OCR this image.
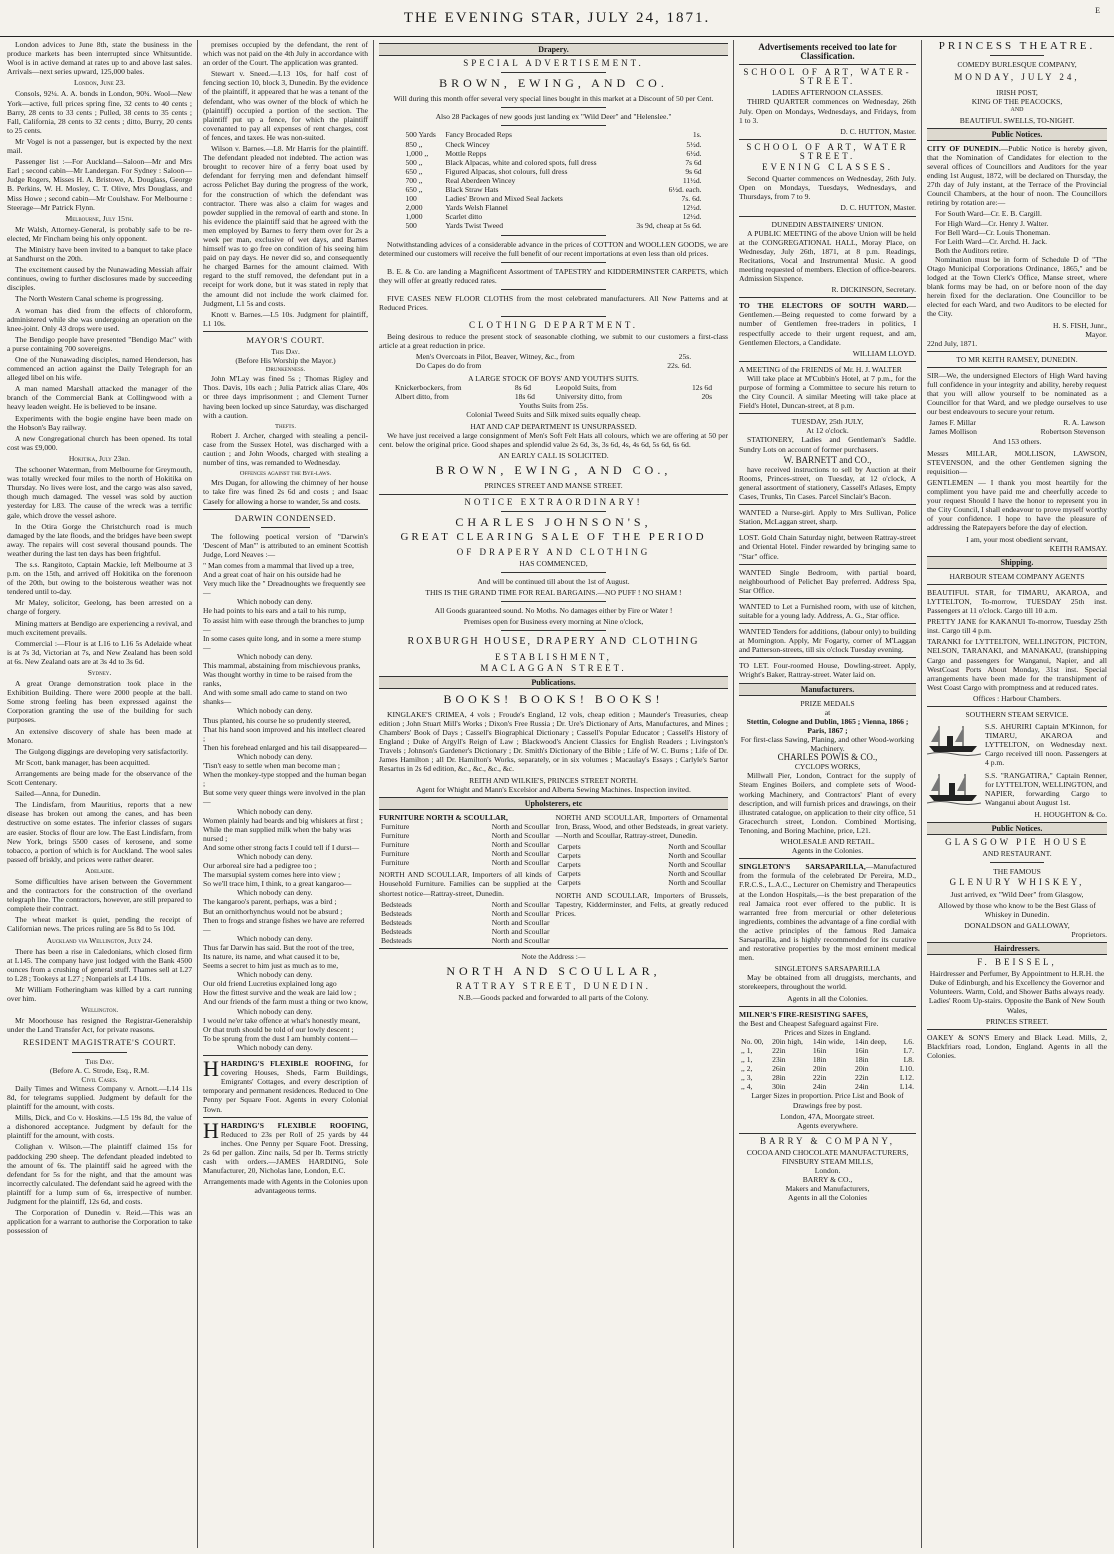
THE EVENING STAR, JULY 24, 1871.	E

London advices to June 8th, state the business in the produce markets has been interrupted since Whitsuntide. Wool is in active demand at rates up to and above last sales. Arrivals—next series upward, 125,000 bales.

London, June 23.

Consols, 92¼. A. A. bonds in London, 90¾. Wool—New York—active, full prices spring fine, 32 cents to 40 cents ; Barry, 28 cents to 33 cents ; Pulled, 38 cents to 35 cents ; Fall, California, 28 cents to 32 cents ; ditto, Burry, 20 cents to 25 cents.

Mr Vogel is not a passenger, but is expected by the next mail.

Passenger list :—For Auckland—Saloon—Mr and Mrs Earl ; second cabin—Mr Landergan. For Sydney : Saloon—Judge Rogers, Misses H. A. Bristowe, A. Douglass, George B. Perkins, W. H. Mosley, C. T. Olive, Mrs Douglass, and Miss Howe ; second cabin—Mr Coulshaw. For Melbourne : Steerage—Mr Patrick Flynn.

Melbourne, July 15th.

Mr Walsh, Attorney-General, is probably safe to be re-elected, Mr Fincham being his only opponent.

The Ministry have been invited to a banquet to take place at Sandhurst on the 20th.

The excitement caused by the Nunawading Messiah affair continues, owing to further disclosures made by succeeding disciples.

The North Western Canal scheme is progressing.

A woman has died from the effects of chloroform, administered while she was undergoing an operation on the knee-joint. Only 43 drops were used.

The Bendigo people have presented "Bendigo Mac" with a purse containing 700 sovereigns.

One of the Nunawading disciples, named Henderson, has commenced an action against the Daily Telegraph for an alleged libel on his wife.

A man named Marshall attacked the manager of the branch of the Commercial Bank at Collingwood with a heavy leaden weight. He is believed to be insane.

Experiments with the bogie engine have been made on the Hobson's Bay railway.

A new Congregational church has been opened. Its total cost was £9,000.

Hokitika, July 23rd.

The schooner Waterman, from Melbourne for Greymouth, was totally wrecked four miles to the north of Hokitika on Thursday. No lives were lost, and the cargo was also saved, though much damaged. The vessel was sold by auction yesterday for L83. The cause of the wreck was a terrific gale, which drove the vessel ashore.

In the Otira Gorge the Christchurch road is much damaged by the late floods, and the bridges have been swept away. The repairs will cost several thousand pounds. The weather during the last ten days has been frightful.

The s.s. Rangitoto, Captain Mackie, left Melbourne at 3 p.m. on the 15th, and arrived off Hokitika on the forenoon of the 20th, but owing to the boisterous weather was not tendered until to-day.

Mr Maley, solicitor, Geelong, has been arrested on a charge of forgery.

Mining matters at Bendigo are experiencing a revival, and much excitement prevails.

Commercial :—Flour is at L16 to L16 5s Adelaide wheat is at 7s 3d, Victorian at 7s, and New Zealand has been sold at 6s. New Zealand oats are at 3s 4d to 3s 6d.

Sydney.

A great Orange demonstration took place in the Exhibition Building. There were 2000 people at the ball. Some strong feeling has been expressed against the Corporation granting the use of the building for such purposes.

An extensive discovery of shale has been made at Monaro.

The Gulgong diggings are developing very satisfactorily.

Mr Scott, bank manager, has been acquitted.

Arrangements are being made for the observance of the Scott Centenary.

Sailed—Anna, for Dunedin.

The Lindisfarn, from Mauritius, reports that a new disease has broken out among the canes, and has been destructive on some estates. The inferior classes of sugars are easier. Stocks of flour are low. The East Lindisfarn, from New York, brings 5500 cases of kerosene, and some tobacco, a portion of which is for Auckland. The wool sales passed off briskly, and prices were rather dearer.

Adelaide.

Some difficulties have arisen between the Government and the contractors for the construction of the overland telegraph line. The contractors, however, are still prepared to complete their contract.

The wheat market is quiet, pending the receipt of Californian news. The prices ruling are 5s 8d to 5s 10d.

Auckland via Wellington, July 24.

There has been a rise in Caledonians, which closed firm at L145. The company have just lodged with the Bank 4500 ounces from a crushing of general stuff. Thames sell at L27 to L28 ; Tookeys at L27 ; Nonpariels at L4 10s.

Mr William Fotheringham was killed by a cart running over him.

Wellington.

Mr Moorhouse has resigned the Registrar-Generalship under the Land Transfer Act, for private reasons.

RESIDENT MAGISTRATE'S COURT.
This Day.
(Before A. C. Strode, Esq., R.M.
Civil Cases.

Daily Times and Witness Company v. Arnott.—L14 11s 8d, for telegrams supplied. Judgment by default for the plaintiff for the amount, with costs.

Mills, Dick, and Co v. Hoskins.—L5 19s 8d, the value of a dishonored acceptance. Judgment by default for the plaintiff for the amount, with costs.

Colighan v. Wilson.—The plaintiff claimed 15s for paddocking 290 sheep. The defendant pleaded indebted to the amount of 6s. The plaintiff said he agreed with the defendant for 5s for the night, and that the amount was incorrectly calculated. The defendant said he agreed with the plaintiff for a lump sum of 6s, irrespective of number. Judgment for the plaintiff, 12s 6d, and costs.

The Corporation of Dunedin v. Reid.—This was an application for a warrant to authorise the Corporation to take possession of

premises occupied by the defendant, the rent of which was not paid on the 4th July in accordance with an order of the Court. The application was granted.

Stewart v. Sneed.—L13 10s, for half cost of fencing section 10, block 3, Dunedin. By the evidence of the plaintiff, it appeared that he was a tenant of the defendant, who was owner of the block of which he (plaintiff) occupied a portion of the section. The plaintiff put up a fence, for which the plaintiff covenanted to pay all expenses of rent charges, cost of fences, and taxes. He was non-suited.

Wilson v. Barnes.—L8. Mr Harris for the plaintiff. The defendant pleaded not indebted. The action was brought to recover hire of a ferry boat used by defendant for ferrying men and defendant himself across Pelichet Bay during the progress of the work, for the construction of which the defendant was contractor. There was also a claim for wages and powder supplied in the removal of earth and stone. In his evidence the plaintiff said that he agreed with the men employed by Barnes to ferry them over for 2s a week per man, exclusive of wet days, and Barnes himself was to go free on condition of his seeing him paid on pay days. He never did so, and consequently he charged Barnes for the amount claimed. With regard to the stuff removed, the defendant put in a receipt for work done, but it was stated in reply that the amount did not include the work claimed for. Judgment, L1 5s and costs.

Knott v. Barnes.—L5 10s. Judgment for plaintiff, L1 10s.

MAYOR'S COURT.
This Day.
(Before His Worship the Mayor.)
Drunkenness.

John M'Lay was fined 5s ; Thomas Rigley and Thos. Davis, 10s each ; Julia Patrick alias Clare, 40s or three days imprisonment ; and Clement Turner having been locked up since Saturday, was discharged with a caution.

Thefts.

Robert J. Archer, charged with stealing a pencil-case from the Sussex Hotel, was discharged with a caution ; and John Woods, charged with stealing a number of tins, was remanded to Wednesday.

Offences against the Bye-laws.

Mrs Dugan, for allowing the chimney of her house to take fire was fined 2s 6d and costs ; and Isaac Casely for allowing a horse to wander, 5s and costs.

DARWIN CONDENSED.

The following poetical version of "Darwin's 'Descent of Man'" is attributed to an eminent Scottish Judge, Lord Neaves :—

" Man comes from a mammal that lived up a tree,
And a great coat of hair on his outside had he
Very much like the " Dreadnoughts we frequently see—
Which nobody can deny.
He had points to his ears and a tail to his rump,
To assist him with ease through the branches to jump—
In some cases quite long, and in some a mere stump—
Which nobody can deny.
This mammal, abstaining from mischievous pranks,
Was thought worthy in time to be raised from the ranks,
And with some small ado came to stand on two shanks—
Which nobody can deny.
Thus planted, his course he so prudently steered,
That his hand soon improved and his intellect cleared ;
Then his forehead enlarged and his tail disappeared—
Which nobody can deny.
'Tisn't easy to settle when man become man ;
When the monkey-type stopped and the human began ;
But some very queer things were involved in the plan—
Which nobody can deny.
Women plainly had beards and big whiskers at first ;
While the man supplied milk when the baby was nursed ;
And some other strong facts I could tell if I durst—
Which nobody can deny.
Our arboreal sire had a pedigree too ;
The marsupial system comes here into view ;
So we'll trace him, I think, to a great kangaroo—
Which nobody can deny.
The kangaroo's parent, perhaps, was a bird ;
But an ornithorhynchus would not be absurd ;
Then to frogs and strange fishes we have are referred—
Which nobody can deny.
Thus far Darwin has said. But the root of the tree,
Its nature, its name, and what caused it to be,
Seems a secret to him just as much as to me,
Which nobody can deny.
Our old friend Lucretius explained long ago
How the fittest survive and the weak are laid low ;
And our friends of the farm must a thing or two know,
Which nobody can deny.
I would ne'er take offence at what's honestly meant,
Or that truth should be told of our lowly descent ;
To be sprung from the dust I am humbly content—
Which nobody can deny.

HHARDING'S FLEXIBLE ROOFING, for covering Houses, Sheds, Farm Buildings, Emigrants' Cottages, and every description of temporary and permanent residences. Reduced to One Penny per Square Foot. Agents in every Colonial Town.

HHARDING'S FLEXIBLE ROOFING, Reduced to 23s per Roll of 25 yards by 44 inches. One Penny per Square Foot. Dressing, 2s 6d per gallon. Zinc nails, 5d per lb. Terms strictly cash with orders.—JAMES HARDING, Sole Manufacturer, 20, Nicholas lane, London, E.C.

Arrangements made with Agents in the Colonies upon advantageous terms.

Drapery.
SPECIAL ADVERTISEMENT.
BROWN, EWING, AND CO.

Will during this month offer several very special lines bought in this market at a Discount of 50 per Cent.

Also 28 Packages of new goods just landing ex "Wild Deer" and "Helenslee."

500 Yards	Fancy Brocaded Reps	1s.
850 ,,	Check Wincey	5½d.
1,000 ,,	Mottle Repps	6½d.
500 ,,	Black Alpacas, white and colored spots, full dress	7s 6d
650 ,,	Figured Alpacas, shot colours, full dress	9s 6d
700 ,,	Real Aberdeen Wincey	11½d.
650 ,,	Black Straw Hats	6½d. each.
100	Ladies' Brown and Mixed Seal Jackets	7s. 6d.
2,000	Yards Welsh Flannel	12½d.
1,000	Scarlet ditto	12½d.
500	Yards Twist Tweed	3s 9d, cheap at 5s 6d.

Notwithstanding advices of a considerable advance in the prices of COTTON and WOOLLEN GOODS, we are determined our customers will receive the full benefit of our recent importations at even less than old prices.

B. E. & Co. are landing a Magnificent Assortment of TAPESTRY and KIDDERMINSTER CARPETS, which they will offer at greatly reduced rates.

FIVE CASES NEW FLOOR CLOTHS from the most celebrated manufacturers. All New Patterns and at Reduced Prices.

CLOTHING DEPARTMENT.

Being desirous to reduce the present stock of seasonable clothing, we submit to our customers a first-class article at a great reduction in price.

Men's Overcoats in Pilot, Beaver, Witney, &c., from	25s.
Do Capes do do from	22s. 6d.
A LARGE STOCK OF BOYS' AND YOUTH'S SUITS.
Knickerbockers, from	8s 6d	Leopold Suits, from	12s 6d
Albert ditto, from	18s 6d	University ditto, from	20s
Youths Suits from 25s.
Colonial Tweed Suits and Silk mixed suits equally cheap.
HAT AND CAP DEPARTMENT IS UNSURPASSED.

We have just received a large consignment of Men's Soft Felt Hats all colours, which we are offering at 50 per cent. below the original price. Good shapes and splendid value 2s 6d, 3s, 3s 6d, 4s, 4s 6d, 5s 6d, 6s 6d.

AN EARLY CALL IS SOLICITED.
BROWN, EWING, AND CO.,
PRINCES STREET AND MANSE STREET.
NOTICE EXTRAORDINARY!
CHARLES JOHNSON'S,
GREAT CLEARING SALE OF THE PERIOD
OF DRAPERY AND CLOTHING
HAS COMMENCED,

And will be continued till about the 1st of August.

THIS IS THE GRAND TIME FOR REAL BARGAINS.—NO PUFF ! NO SHAM !

All Goods guaranteed sound. No Moths. No damages either by Fire or Water !

Premises open for Business every morning at Nine o'clock,

ROXBURGH HOUSE, DRAPERY AND CLOTHING
ESTABLISHMENT,
MACLAGGAN STREET.
Publications.
BOOKS! BOOKS! BOOKS!

KINGLAKE'S CRIMEA, 4 vols ; Froude's England, 12 vols, cheap edition ; Maunder's Treasuries, cheap edition ; John Stuart Mill's Works ; Dixon's Free Russia ; Dr. Ure's Dictionary of Arts, Manufactures, and Mines ; Chambers' Book of Days ; Cassell's Biographical Dictionary ; Cassell's Popular Educator ; Cassell's History of England ; Duke of Argyll's Reign of Law ; Blackwood's Ancient Classics for English Readers ; Livingston's Travels ; Johnson's Gardener's Dictionary ; Dr. Smith's Dictionary of the Bible ; Life of W. C. Burns ; Life of Dr. James Hamilton ; all Dr. Hamilton's Works, separately, or in six volumes ; Macaulay's Essays ; Carlyle's Sartor Resartus in 2s 6d edition, &c., &c., &c., &c.

REITH AND WILKIE'S, PRINCES STREET NORTH.
Agent for Whight and Mann's Excelsior and Alberta Sewing Machines. Inspection invited.
Upholsterers, etc
FURNITURE NORTH & SCOULLAR,
Furniture	North and Scoullar
Furniture	North and Scoullar
Furniture	North and Scoullar
Furniture	North and Scoullar
Furniture	North and Scoullar

NORTH AND SCOULLAR, Importers of all kinds of Household Furniture. Families can be supplied at the shortest notice—Rattray-street, Dunedin.

Bedsteads	North and Scoullar
Bedsteads	North and Scoullar
Bedsteads	North and Scoullar
Bedsteads	North and Scoullar
Bedsteads	North and Scoullar

NORTH AND SCOULLAR, Importers of Ornamental Iron, Brass, Wood, and other Bedsteads, in great variety.—North and Scoullar, Rattray-street, Dunedin.

Carpets	North and Scoullar
Carpets	North and Scoullar
Carpets	North and Scoullar
Carpets	North and Scoullar
Carpets	North and Scoullar

NORTH AND SCOULLAR, Importers of Brussels, Tapestry, Kidderminster, and Felts, at greatly reduced Prices.

Note the Address :—
NORTH AND SCOULLAR,
RATTRAY STREET, DUNEDIN.
N.B.—Goods packed and forwarded to all parts of the Colony.
Advertisements received too late for Classification.
SCHOOL OF ART, WATER-STREET.
LADIES AFTERNOON CLASSES.

THIRD QUARTER commences on Wednesday, 26th July. Open on Mondays, Wednesdays, and Fridays, from 1 to 3.

D. C. HUTTON, Master.
SCHOOL OF ART, WATER STREET.
EVENING CLASSES.

Second Quarter commences on Wednesday, 26th July. Open on Mondays, Tuesdays, Wednesdays, and Thursdays, from 7 to 9.

D. C. HUTTON, Master.
DUNEDIN ABSTAINERS' UNION.

A PUBLIC MEETING of the above Union will be held at the CONGREGATIONAL HALL, Moray Place, on Wednesday, July 26th, 1871, at 8 p.m. Readings, Recitations, Vocal and Instrumental Music. A good meeting requested of members. Election of office-bearers. Admission Sixpence.

R. DICKINSON, Secretary.

TO THE ELECTORS OF SOUTH WARD.—Gentlemen.—Being requested to come forward by a number of Gentlemen free-traders in politics, I respectfully accede to their urgent request, and am, Gentlemen Electors, a Candidate.

WILLIAM LLOYD.
A MEETING of the FRIENDS of Mr. H. J. WALTER

Will take place at M'Cubbin's Hotel, at 7 p.m., for the purpose of forming a Committee to secure his return to the City Council. A similar Meeting will take place at Field's Hotel, Duncan-street, at 8 p.m.

TUESDAY, 25th JULY,
At 12 o'clock.

STATIONERY, Ladies and Gentleman's Saddle. Sundry Lots on account of former purchasers.

W. BARNETT and CO.,

have received instructions to sell by Auction at their Rooms, Princes-street, on Tuesday, at 12 o'clock, A general assortment of stationery, Cassell's Atlases, Empty Cases, Trunks, Tin Cases. Parcel Sinclair's Bacon.

WANTED a Nurse-girl. Apply to Mrs Sullivan, Police Station, McLaggan street, sharp.

LOST. Gold Chain Saturday night, between Rattray-street and Oriental Hotel. Finder rewarded by bringing same to "Star" office.

WANTED Single Bedroom, with partial board, neighbourhood of Pelichet Bay preferred. Address Spa, Star Office.

WANTED to Let a Furnished room, with use of kitchen, suitable for a young lady. Address, A. G., Star office.

WANTED Tenders for additions, (labour only) to building at Mornington. Apply, Mr Fogarty, corner of M'Laggan and Patterson-streets, till six o'clock Tuesday evening.

TO LET. Four-roomed House, Dowling-street. Apply, Wright's Baker, Rattray-street. Water laid on.

Manufacturers.
PRIZE MEDALS
at
Stettin, Cologne and Dublin, 1865 ; Vienna, 1866 ; Paris, 1867 ;
For first-class Sawing, Planing, and other Wood-working Machinery.
CHARLES POWIS & CO.,
CYCLOPS WORKS,

Millwall Pier, London, Contract for the supply of Steam Engines Boilers, and complete sets of Wood-working Machinery, and Contractors' Plant of every description, and will furnish prices and drawings, on their illustrated catalogue, on application to their city office, 51 Gracechurch street, London. Combined Mortising, Tenoning, and Boring Machine, price, L21.

WHOLESALE AND RETAIL.
Agents in the Colonies.

SINGLETON'S SARSAPARILLA,—Manufactured from the formula of the celebrated Dr Pereira, M.D., F.R.C.S., L.A.C., Lecturer on Chemistry and Therapeutics at the London Hospitals,—is the best preparation of the real Jamaica root ever offered to the public. It is warranted free from mercurial or other deleterious ingredients, combines the advantage of a fine cordial with the active principles of the famous Red Jamaica Sarsaparilla, and is highly recommended for its curative and restorative properties by the most eminent medical men.

SINGLETON'S SARSAPARILLA

May be obtained from all druggists, merchants, and storekeepers, throughout the world.

Agents in all the Colonies.
MILNER'S FIRE-RESISTING SAFES,
the Best and Cheapest Safeguard against Fire.
Prices and Sizes in England.
No. 00,	20in high,	14in wide,	14in deep,	L6.
,, 1,	22in	16in	16in	L7.
,, 1,	23in	18in	18in	L8.
,, 2,	26in	20in	20in	L10.
,, 3,	28in	22in	22in	L12.
,, 4,	30in	24in	24in	L14.

Larger Sizes in proportion. Price List and Book of Drawings free by post.

London, 47A, Moorgate street.
Agents everywhere.
BARRY & COMPANY,
COCOA AND CHOCOLATE MANUFACTURERS,
FINSBURY STEAM MILLS,
London.
BARRY & CO.,
Makers and Manufacturers,
Agents in all the Colonies
PRINCESS THEATRE.
COMEDY BURLESQUE COMPANY,
MONDAY, JULY 24,
IRISH POST,
KING OF THE PEACOCKS,
AND
BEAUTIFUL SWELLS, TO-NIGHT.
Public Notices.

CITY OF DUNEDIN.—Public Notice is hereby given, that the Nomination of Candidates for election to the several offices of Councillors and Auditors for the year ending 1st August, 1872, will be declared on Thursday, the 27th day of July instant, at the Terrace of the Provincial Council Chambers, at the hour of noon. The Councillors retiring by rotation are:—

For South Ward—Cr. E. B. Cargill.
For High Ward—Cr. Henry J. Walter.
For Bell Ward—Cr. Louis Thoneman.
For Leith Ward—Cr. Archd. H. Jack.
Both the Auditors retire.

Nomination must be in form of Schedule D of "The Otago Municipal Corporations Ordinance, 1865," and be lodged at the Town Clerk's Office, Manse street, where blank forms may be had, on or before noon of the day herein fixed for the declaration. One Councillor to be elected for each Ward, and two Auditors to be elected for the City.

H. S. FISH, Junr.,
Mayor.
22nd July, 1871.
TO MR KEITH RAMSEY, DUNEDIN.

SIR—We, the undersigned Electors of High Ward having full confidence in your integrity and ability, hereby request that you will allow yourself to be nominated as a Councillor for that Ward, and we pledge ourselves to use our best endeavours to secure your return.

James F. Millar	R. A. Lawson
James Mollison	Robertson Stevenson
And 153 others.

Messrs MILLAR, MOLLISON, LAWSON, STEVENSON, and the other Gentlemen signing the requisition—

GENTLEMEN — I thank you most heartily for the compliment you have paid me and cheerfully accede to your request Should I have the honor to represent you in the City Council, I shall endeavour to prove myself worthy of your confidence. I hope to have the pleasure of addressing the Ratepayers before the day of election.

I am, your most obedient servant,
KEITH RAMSAY.
Shipping.
HARBOUR STEAM COMPANY AGENTS

BEAUTIFUL STAR, for TIMARU, AKAROA, and LYTTELTON, To-morrow, TUESDAY 25th inst. Passengers at 11 o'clock. Cargo till 10 a.m.

PRETTY JANE for KAKANUI To-morrow, Tuesday 25th inst. Cargo till 4 p.m.

TARANKI for LYTTELTON, WELLINGTON, PICTON, NELSON, TARANAKI, and MANAKAU, (transhipping Cargo and passengers for Wanganui, Napier, and all WestCoast Ports About Monday, 31st inst. Special arrangements have been made for the transhipment of West Coast Cargo with promptness and at reduced rates.

Offices : Harbour Chambers.
SOUTHERN STEAM SERVICE.
S.S. AHURIRI Captain M'Kinnon, for TIMARU, AKAROA and LYTTELTON, on Wednesday next. Cargo received till noon. Passengers at 4 p.m.
S.S. "RANGATIRA," Captain Renner, for LYTTELTON, WELLINGTON, and NAPIER, forwarding Cargo to Wanganui about August 1st.
H. HOUGHTON & Co.
Public Notices.
GLASGOW PIE HOUSE
AND RESTAURANT.
THE FAMOUS
GLENURY WHISKEY,

Just arrived, ex "Wild Deer" from Glasgow,

Allowed by those who know to be the Best Glass of Whiskey in Dunedin.

DONALDSON and GALLOWAY,
Proprietors.
Hairdressers.
F. BEISSEL,

Hairdresser and Perfumer, By Appointment to H.R.H. the Duke of Edinburgh, and his Excellency the Governor and Volunteers. Warm, Cold, and Shower Baths always ready. Ladies' Room Up-stairs. Opposite the Bank of New South Wales,

PRINCES STREET.

OAKEY & SON'S Emery and Black Lead. Mills, 2, Blackfriars road, London, England. Agents in all the Colonies.
